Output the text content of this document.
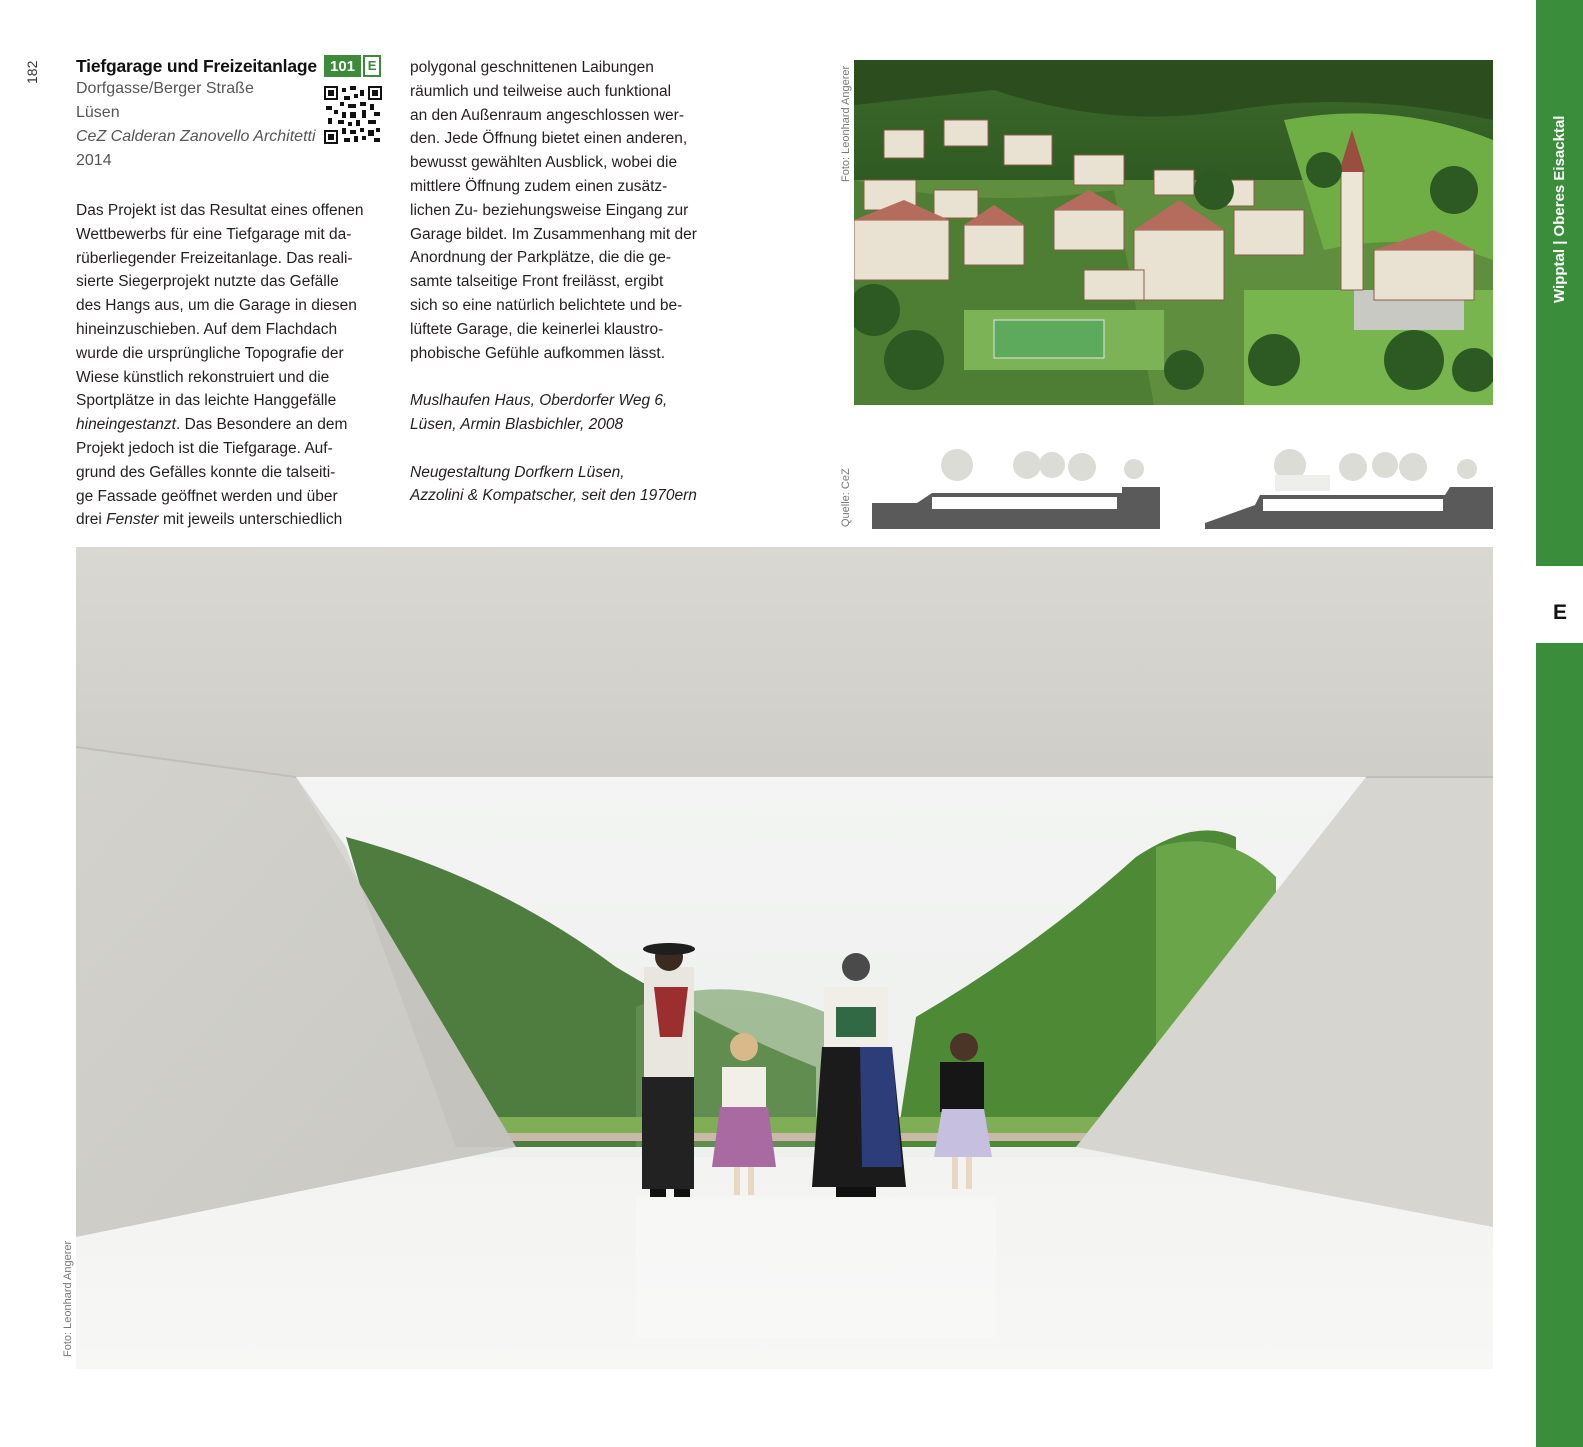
182 Tiefgarage und Freizeitanlage 101 E
Dorfgasse/Berger Straße
Lüsen
CeZ Calderan Zanovello Architetti
2014

Das Projekt ist das Resultat eines offenen

Wettbewerbs für eine Tiefgarage mit da-

rüberliegender Freizeitanlage. Das reali-

sierte Siegerprojekt nutzte das Gefälle

des Hangs aus, um die Garage in diesen

hineinzuschieben. Auf dem Flachdach

wurde die ursprüngliche Topografie der

Wiese künstlich rekonstruiert und die

Sportplätze in das leichte Hanggefälle

hineingestanzt. Das Besondere an dem

Projekt jedoch ist die Tiefgarage. Auf-

grund des Gefälles konnte die talseiti-

ge Fassade geöffnet werden und über

drei Fenster mit jeweils unterschiedlich

polygonal geschnittenen Laibungen

räumlich und teilweise auch funktional

an den Außenraum angeschlossen wer-

den. Jede Öffnung bietet einen anderen,

bewusst gewählten Ausblick, wobei die

mittlere Öffnung zudem einen zusätz-

lichen Zu- beziehungsweise Eingang zur

Garage bildet. Im Zusammenhang mit der

Anordnung der Parkplätze, die die ge-

samte talseitige Front freilässt, ergibt

sich so eine natürlich belichtete und be-

lüftete Garage, die keinerlei klaustro-

phobische Gefühle aufkommen lässt.

Muslhaufen Haus, Oberdorfer Weg 6,
Lüsen, Armin Blasbichler, 2008
Neugestaltung Dorfkern Lüsen,
Azzolini & Kompatscher, seit den 1970ern
Foto: Leonhard Angerer
Quelle: CeZ
·
Foto: Leonhard Angerer
Wipptal | Oberes Eisacktal
E
